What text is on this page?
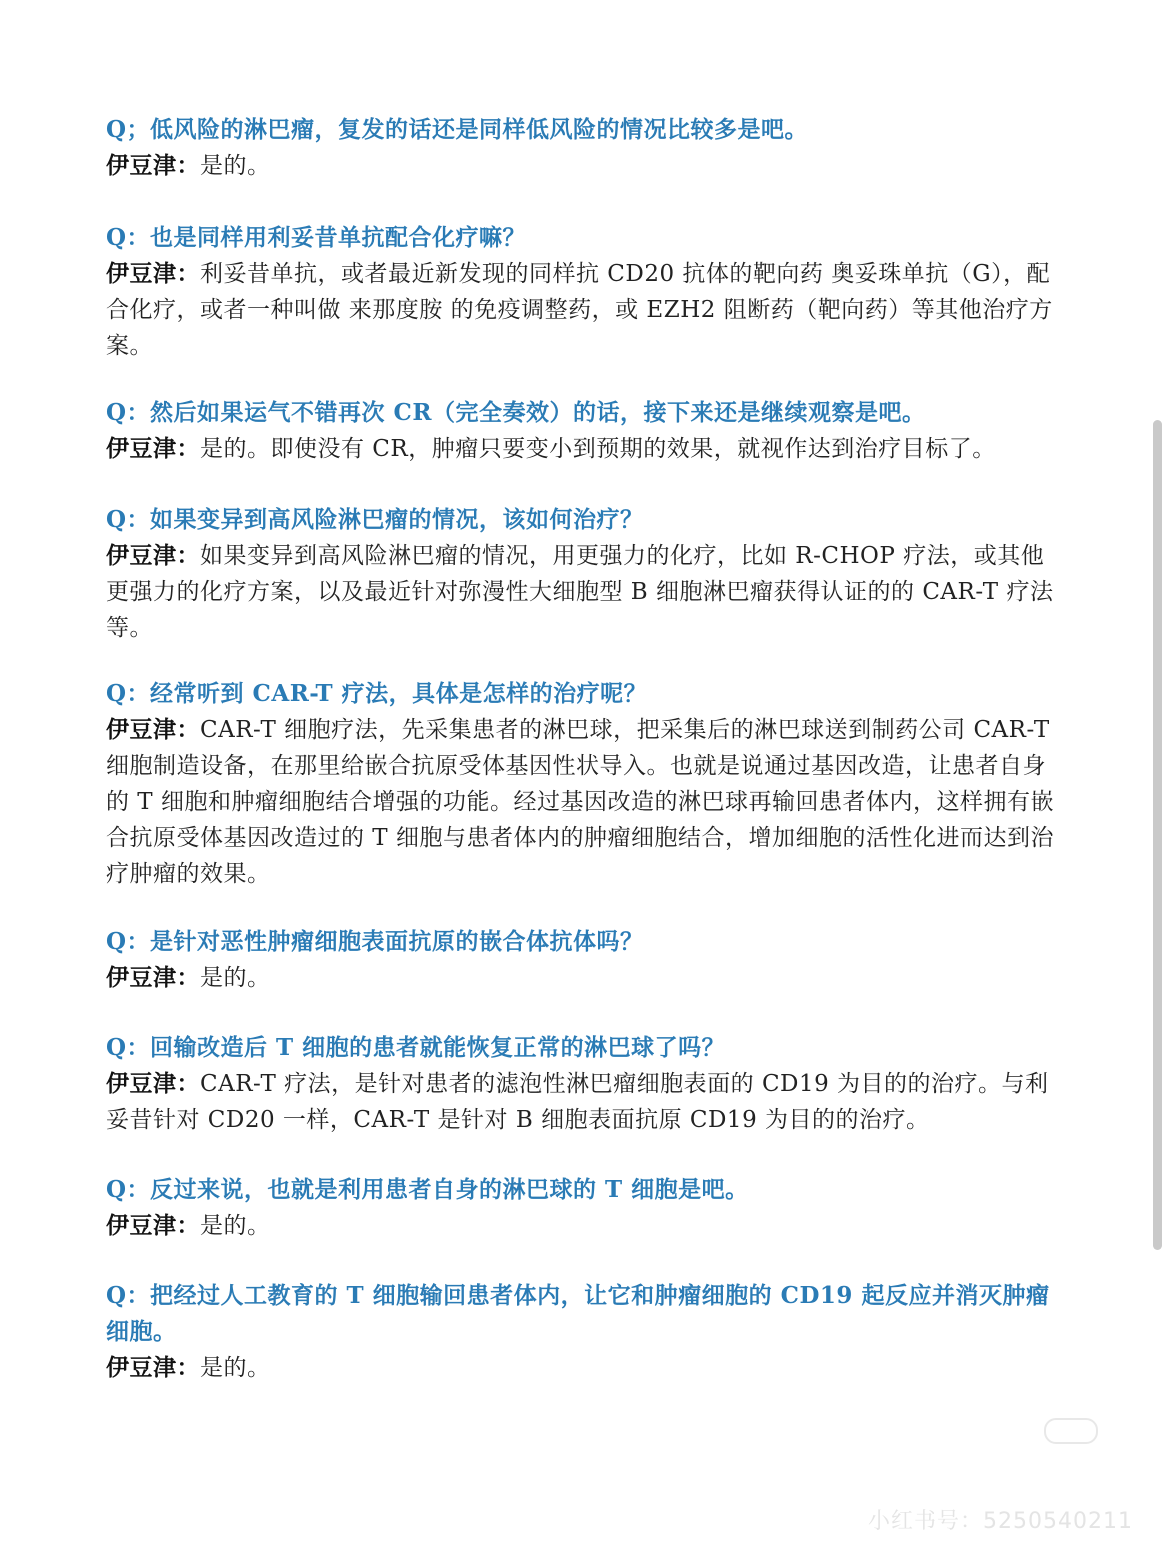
Q；低风险的淋巴瘤，复发的话还是同样低风险的情况比较多是吧。
伊豆津：是的。
Q：也是同样用利妥昔单抗配合化疗嘛？
伊豆津：利妥昔单抗，或者最近新发现的同样抗 CD20 抗体的靶向药 奥妥珠单抗（G），配合化疗，或者一种叫做 来那度胺 的免疫调整药，或 EZH2 阻断药（靶向药）等其他治疗方案。
Q：然后如果运气不错再次 CR（完全奏效）的话，接下来还是继续观察是吧。
伊豆津：是的。即使没有 CR，肿瘤只要变小到预期的效果，就视作达到治疗目标了。
Q：如果变异到高风险淋巴瘤的情况，该如何治疗？
伊豆津：如果变异到高风险淋巴瘤的情况，用更强力的化疗，比如 R-CHOP 疗法，或其他更强力的化疗方案，以及最近针对弥漫性大细胞型 B 细胞淋巴瘤获得认证的的 CAR-T 疗法等。
Q：经常听到 CAR-T 疗法，具体是怎样的治疗呢？
伊豆津：CAR-T 细胞疗法，先采集患者的淋巴球，把采集后的淋巴球送到制药公司 CAR-T 细胞制造设备，在那里给嵌合抗原受体基因性状导入。也就是说通过基因改造，让患者自身的 T 细胞和肿瘤细胞结合增强的功能。经过基因改造的淋巴球再输回患者体内，这样拥有嵌合抗原受体基因改造过的 T 细胞与患者体内的肿瘤细胞结合，增加细胞的活性化进而达到治疗肿瘤的效果。
Q：是针对恶性肿瘤细胞表面抗原的嵌合体抗体吗？
伊豆津：是的。
Q：回输改造后 T 细胞的患者就能恢复正常的淋巴球了吗？
伊豆津：CAR-T 疗法，是针对患者的滤泡性淋巴瘤细胞表面的 CD19 为目的的治疗。与利妥昔针对 CD20 一样，CAR-T 是针对 B 细胞表面抗原 CD19 为目的的治疗。
Q：反过来说，也就是利用患者自身的淋巴球的 T 细胞是吧。
伊豆津：是的。
Q：把经过人工教育的 T 细胞输回患者体内，让它和肿瘤细胞的 CD19 起反应并消灭肿瘤细胞。
伊豆津：是的。
小红书号：5250540211
